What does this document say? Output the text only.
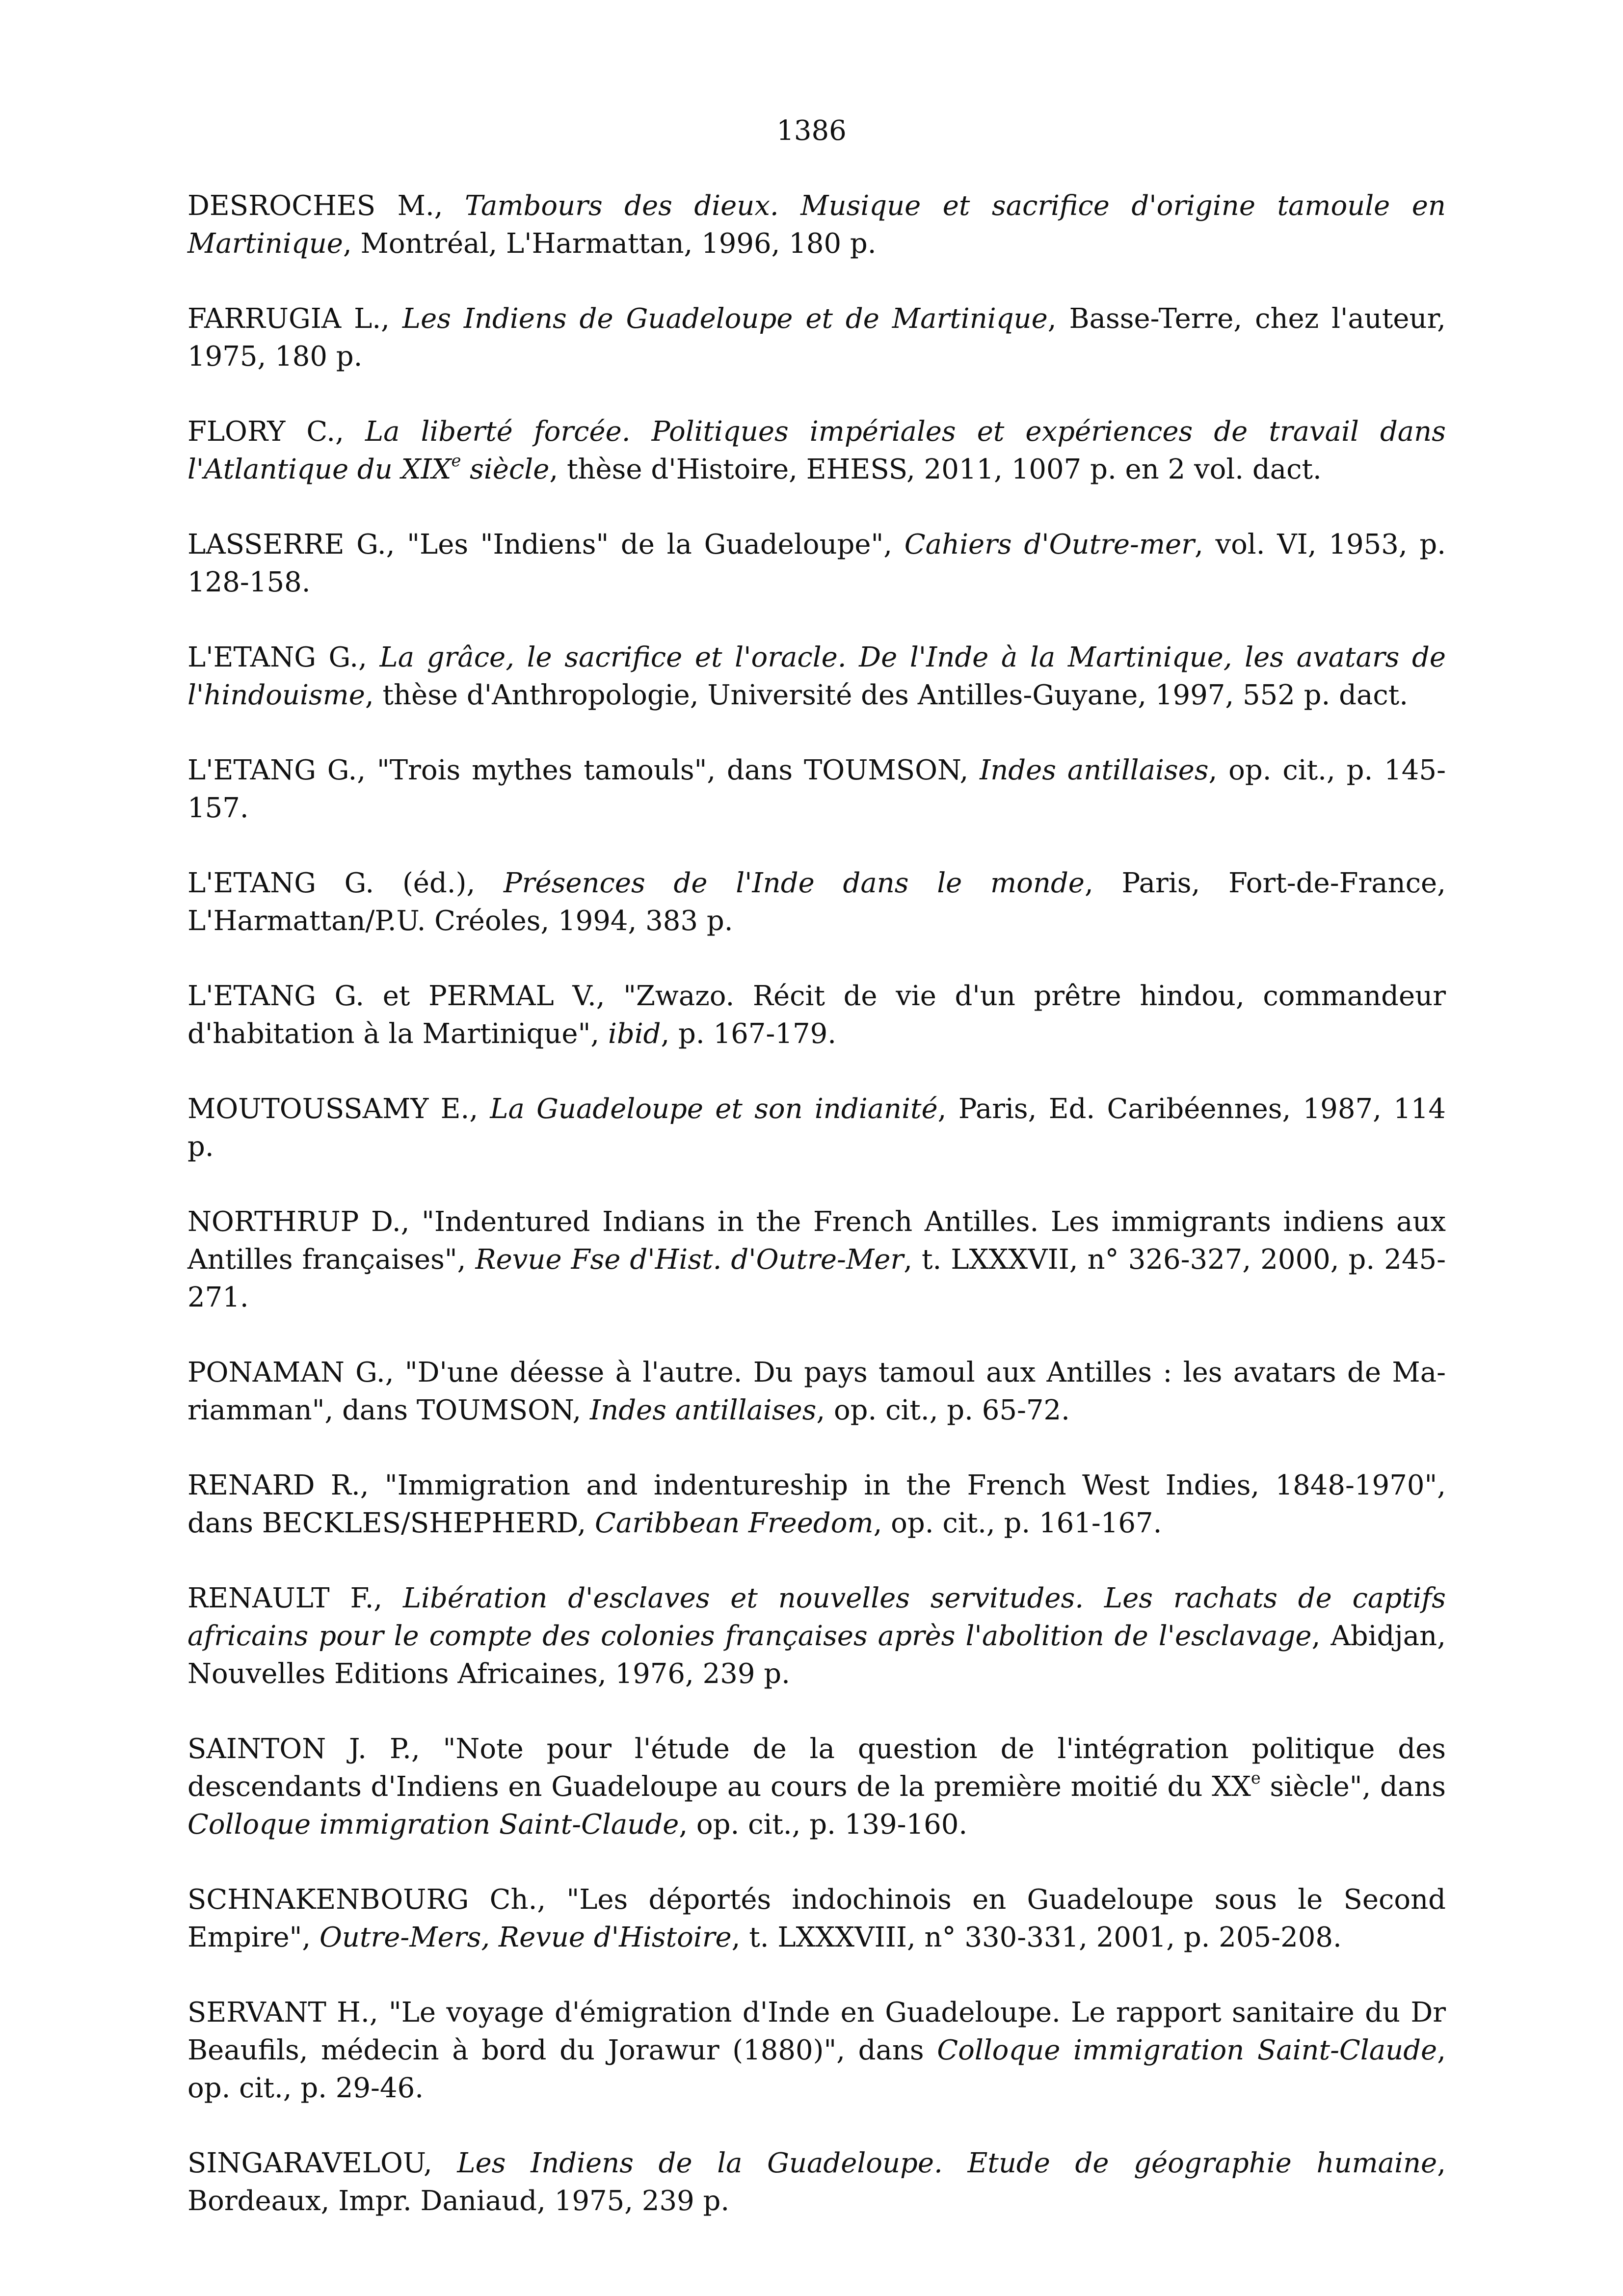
1386
DESROCHES M., Tambours des dieux. Musique et sacrifice d'origine tamoule en Martinique, Montréal, L'Harmattan, 1996, 180 p.
FARRUGIA L., Les Indiens de Guadeloupe et de Martinique, Basse-Terre, chez l'auteur, 1975, 180 p.
FLORY C., La liberté forcée. Politiques impériales et expériences de travail dans l'Atlantique du XIXe siècle, thèse d'Histoire, EHESS, 2011, 1007 p. en 2 vol. dact.
LASSERRE G., "Les "Indiens" de la Guadeloupe", Cahiers d'Outre-mer, vol. VI, 1953, p. 128-158.
L'ETANG G., La grâce, le sacrifice et l'oracle. De l'Inde à la Martinique, les avatars de l'hindouisme, thèse d'Anthropologie, Université des Antilles-Guyane, 1997, 552 p. dact.
L'ETANG G., "Trois mythes tamouls", dans TOUMSON, Indes antillaises, op. cit., p. 145-157.
L'ETANG G. (éd.), Présences de l'Inde dans le monde, Paris, Fort-de-France, L'Harmattan/P.U. Créoles, 1994, 383 p.
L'ETANG G. et PERMAL V., "Zwazo. Récit de vie d'un prêtre hindou, commandeur d'habitation à la Martinique", ibid, p. 167-179.
MOUTOUSSAMY E., La Guadeloupe et son indianité, Paris, Ed. Caribéennes, 1987, 114 p.
NORTHRUP D., "Indentured Indians in the French Antilles. Les immigrants indiens aux Antilles françaises", Revue Fse d'Hist. d'Outre-Mer, t. LXXXVII, n° 326-327, 2000, p. 245-271.
PONAMAN G., "D'une déesse à l'autre. Du pays tamoul aux Antilles : les avatars de Mariamman", dans TOUMSON, Indes antillaises, op. cit., p. 65-72.
RENARD R., "Immigration and indentureship in the French West Indies, 1848-1970", dans BECKLES/SHEPHERD, Caribbean Freedom, op. cit., p. 161-167.
RENAULT F., Libération d'esclaves et nouvelles servitudes. Les rachats de captifs africains pour le compte des colonies françaises après l'abolition de l'esclavage, Abidjan, Nouvelles Editions Africaines, 1976, 239 p.
SAINTON J. P., "Note pour l'étude de la question de l'intégration politique des descendants d'Indiens en Guadeloupe au cours de la première moitié du XXe siècle", dans Colloque immigration Saint-Claude, op. cit., p. 139-160.
SCHNAKENBOURG Ch., "Les déportés indochinois en Guadeloupe sous le Second Empire", Outre-Mers, Revue d'Histoire, t. LXXXVIII, n° 330-331, 2001, p. 205-208.
SERVANT H., "Le voyage d'émigration d'Inde en Guadeloupe. Le rapport sanitaire du Dr Beaufils, médecin à bord du Jorawur (1880)", dans Colloque immigration Saint-Claude, op. cit., p. 29-46.
SINGARAVELOU, Les Indiens de la Guadeloupe. Etude de géographie humaine, Bordeaux, Impr. Daniaud, 1975, 239 p.
